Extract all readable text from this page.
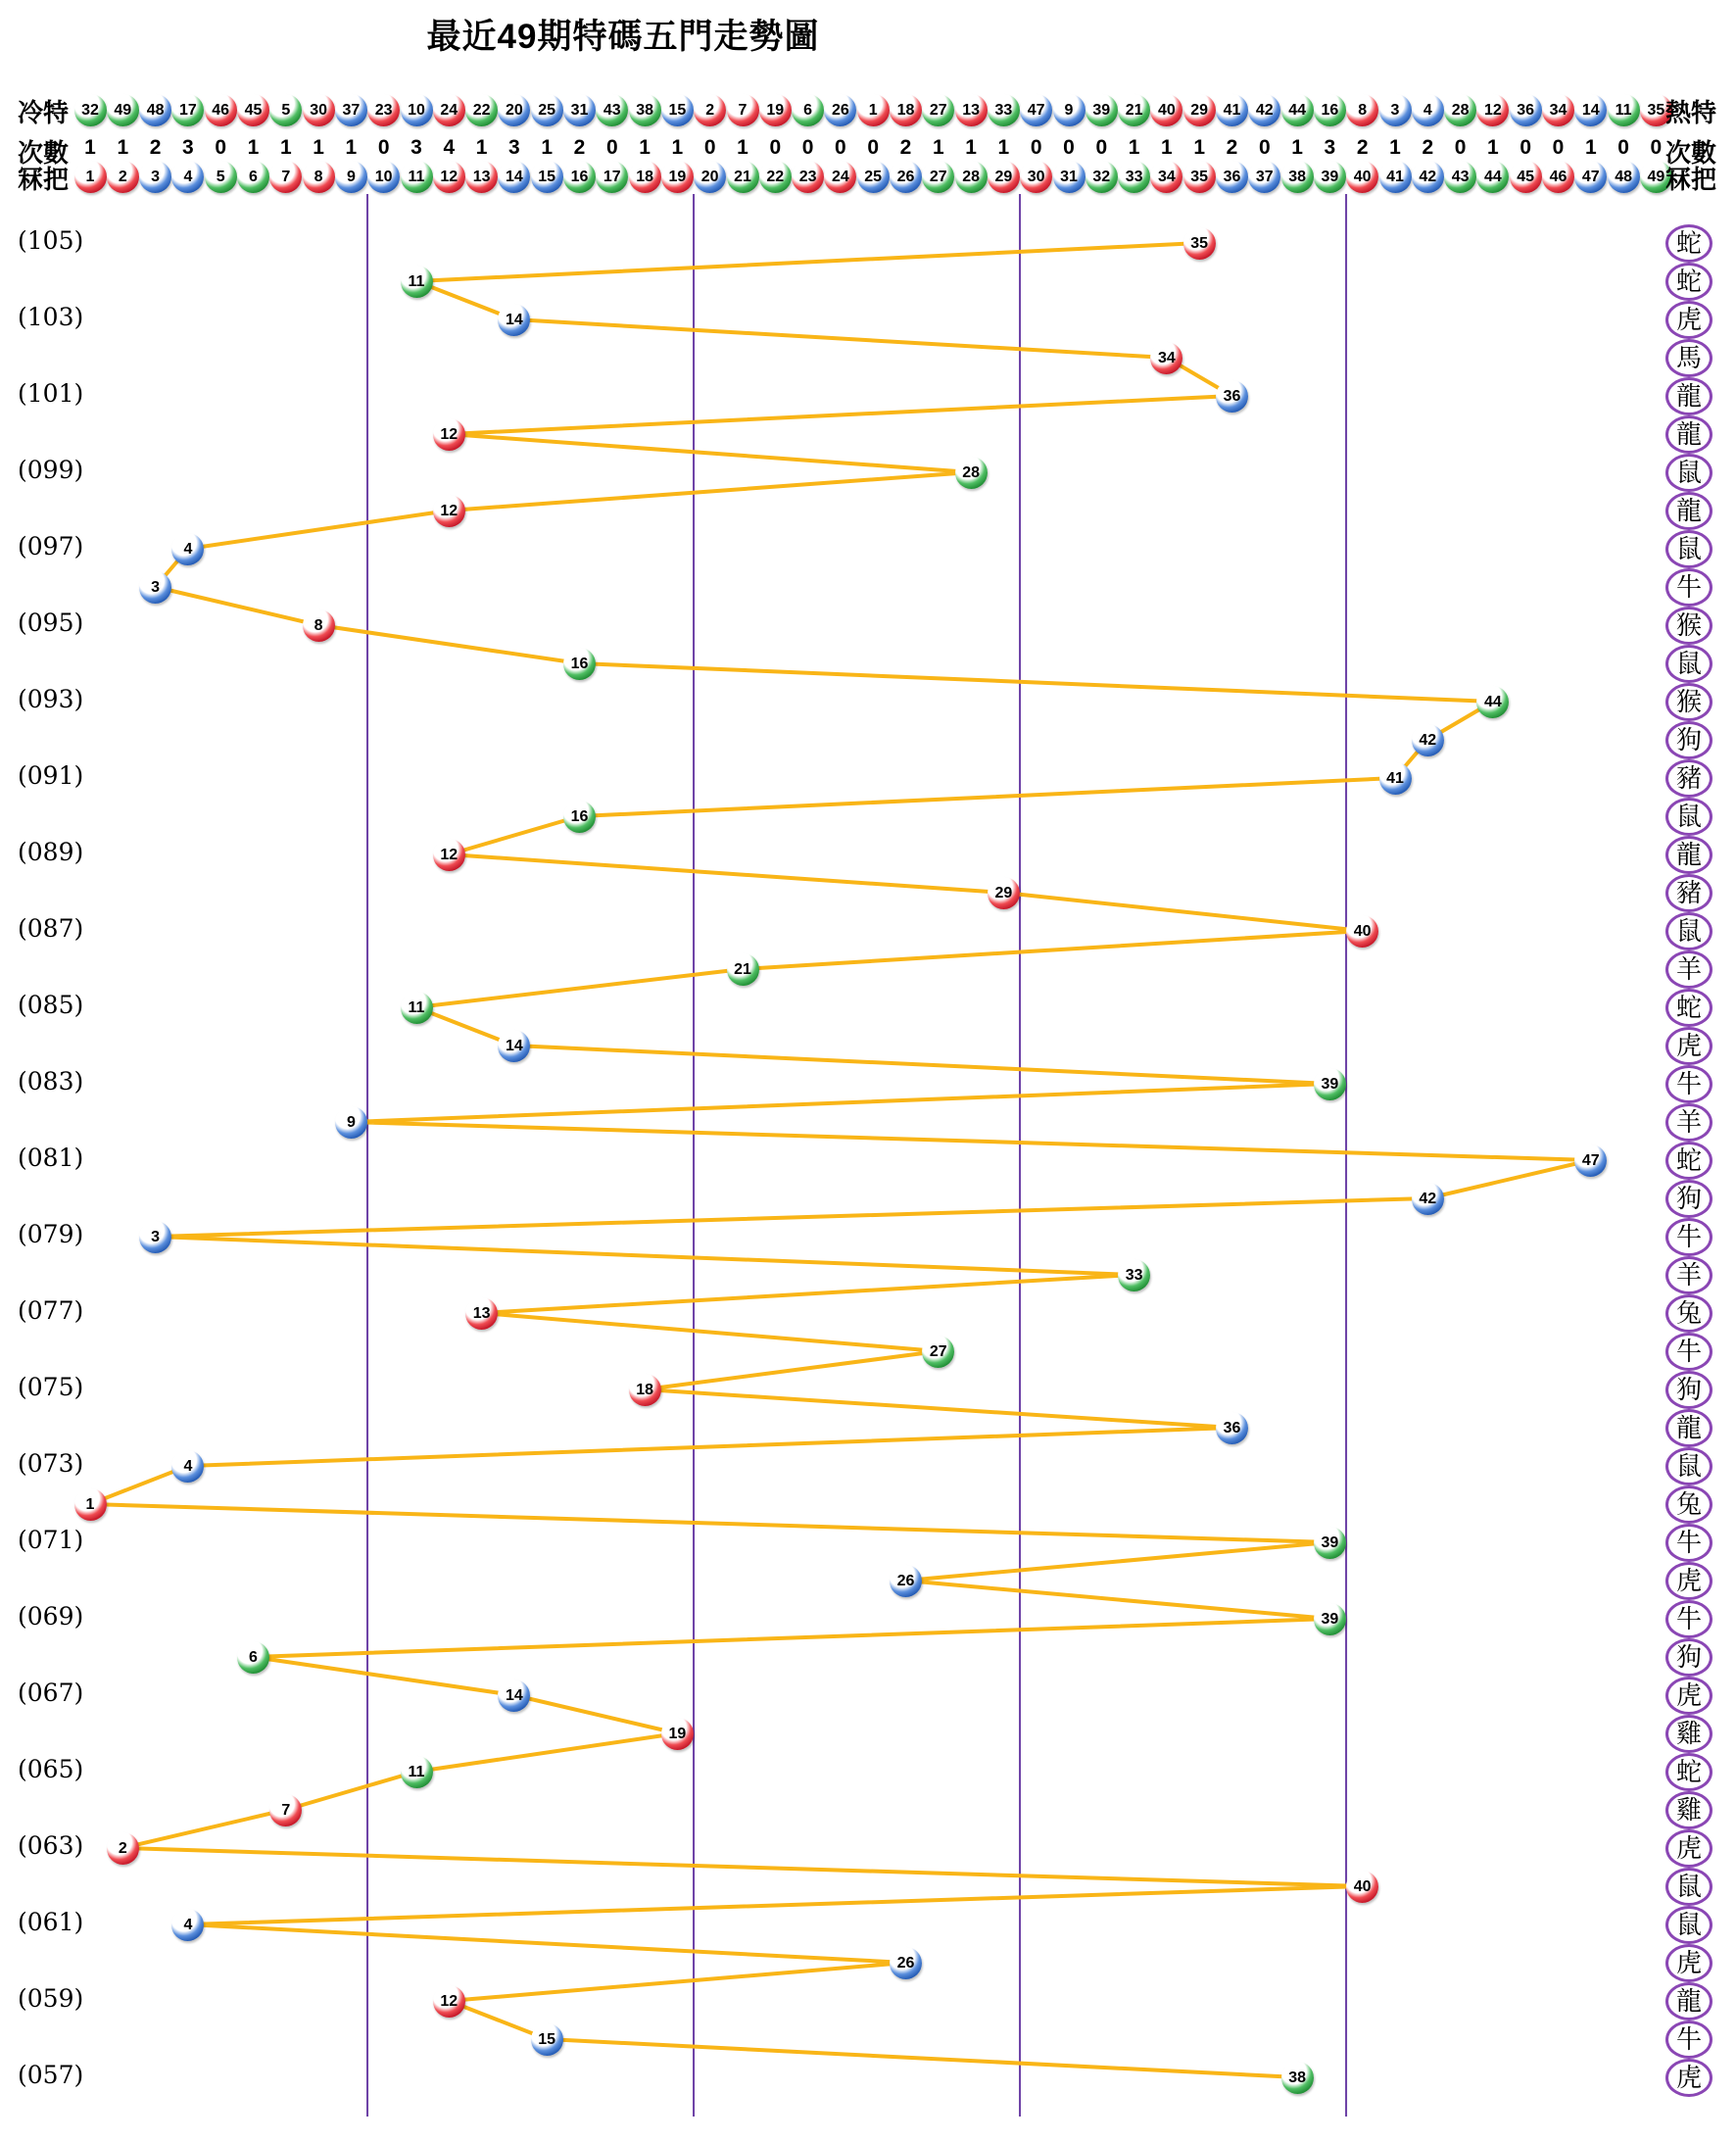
最近49期特碼五門走勢圖
冷特
次數
冧把
熱特
次數
冧把
32 49 48 17 46 45	5	30 37 23 10 24 22 20 25 31 43 38 15	2	7	19	6	26	1	18 27 13 33 47	9	39 21 40 29 41 42 44 16	8	3	4	28 12 36 34 14 11 35
1	1	2	3	0	1	1	1	1	0	3	4	1	3	1	2	0	1	1	0	1	0	0	0	0	2	1	1	1	0	0	0	1	1	1	2	0	1	3	2	1	2	0	1	0	0	1	0	0
1	2	3	4	5	6	7	8	9	10 11 12 13 14 15 16 17 18 19 20 21 22 23 24 25 26 27 28 29 30 31 32 33 34 35 36 37 38 39 40 41 42 43 44 45 46 47 48 49
(105)	35	蛇
11	蛇
(103)	14	虎
34	馬
(101)	36	龍
12	龍
(099)	28	鼠
12	龍
(097)	4	鼠
3	牛
(095)	8	猴
16	鼠
(093)	44	猴
42	狗
(091)	41	豬
16	鼠
(089)	12	龍
29	豬
(087)	40	鼠
21	羊
(085)	11	蛇
14	虎
(083)	39	牛
9	羊
(081)	47	蛇
42	狗
(079)	3	牛
33	羊
(077)	13	兔
27	牛
(075)	18	狗
36	龍
(073)	4	鼠
1	兔
(071)	39	牛
26	虎
(069)	39	牛
6	狗
(067)	14	虎
19	雞
(065)	11	蛇
7	雞
(063)	2	虎
40	鼠
(061)	4	鼠
26	虎
(059)	12	龍
15	牛
(057)	38	虎
